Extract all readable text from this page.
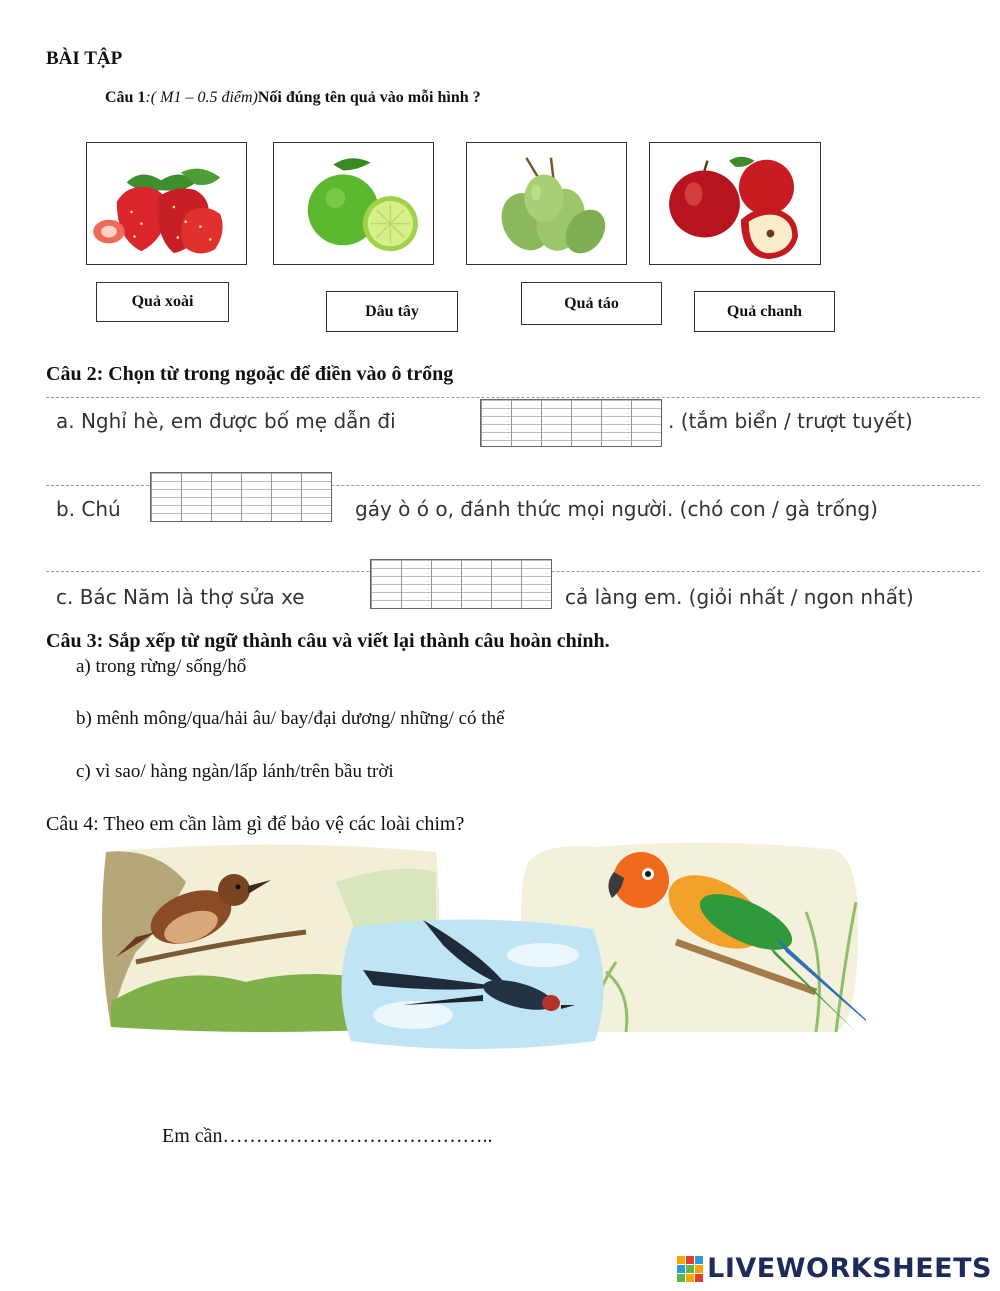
BÀI TẬP
Câu 1:( M1 – 0.5 điểm)Nối đúng tên quả vào mỗi hình ?
Quả xoài
Dâu tây	Quả táo	Quả chanh
Câu 2: Chọn từ trong ngoặc để điền vào ô trống
a. Nghỉ hè, em được bố mẹ dẫn đi	. (tắm biển / trượt tuyết)
b. Chú	gáy ò ó o, đánh thức mọi người. (chó con / gà trống)
c. Bác Năm là thợ sửa xe	cả làng em. (giỏi nhất / ngon nhất)
Câu 3: Sắp xếp từ ngữ thành câu và viết lại thành câu hoàn chỉnh.
a) trong rừng/ sống/hổ
b) mênh mông/qua/hải âu/ bay/đại dương/ những/ có thể
c) vì sao/ hàng ngàn/lấp lánh/trên bầu trời
Câu 4: Theo em cần làm gì để bảo vệ các loài chim?
Em cần…………………………………..
LIVEWORKSHEETS
